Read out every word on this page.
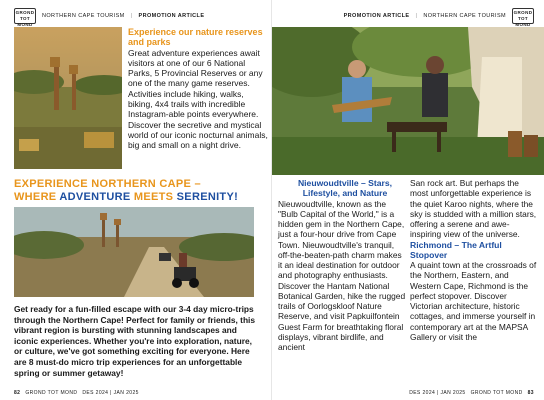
GROND
TOT
MOND
NORTHERN CAPE TOURISM | PROMOTION ARTICLE
Experience our nature reserves and parks

Great adventure experiences await visitors at one of our 6 National Parks, 5 Provincial Reserves or any one of the many game reserves. Activities include hiking, walks, biking, 4x4 trails with incredible Instagram-able points everywhere. Discover the secretive and mystical world of our iconic nocturnal animals, big and small on a night drive.

EXPERIENCE NORTHERN CAPE –
WHERE ADVENTURE MEETS SERENITY!

Get ready for a fun-filled escape with our 3-4 day micro-trips through the Northern Cape! Perfect for family or friends, this vibrant region is bursting with stunning landscapes and iconic experiences. Whether you're into exploration, nature, or culture, we've got something exciting for everyone. Here are 8 must-do micro trip experiences for an unforgettable spring or summer getaway!

82 GROND TOT MOND DES 2024 | JAN 2025
PROMOTION ARTICLE | NORTHERN CAPE TOURISM
GROND
TOT
MOND
Nieuwoudtville – Stars, Lifestyle, and Nature

Nieuwoudtville, known as the "Bulb Capital of the World," is a hidden gem in the Northern Cape, just a four-hour drive from Cape Town. Nieuwoudtville's tranquil, off-the-beaten-path charm makes it an ideal destination for outdoor and photography enthusiasts. Discover the Hantam National Botanical Garden, hike the rugged trails of Oorlogskloof Nature Reserve, and visit Papkuilfontein Guest Farm for breathtaking floral displays, vibrant birdlife, and ancient

San rock art. But perhaps the most unforgettable experience is the quiet Karoo nights, where the sky is studded with a million stars, offering a serene and awe-inspiring view of the universe.

Richmond – The Artful Stopover

A quaint town at the crossroads of the Northern, Eastern, and Western Cape, Richmond is the perfect stopover. Discover Victorian architecture, historic cottages, and immerse yourself in contemporary art at the MAPSA Gallery or visit the

DES 2024 | JAN 2025 GROND TOT MOND 83
